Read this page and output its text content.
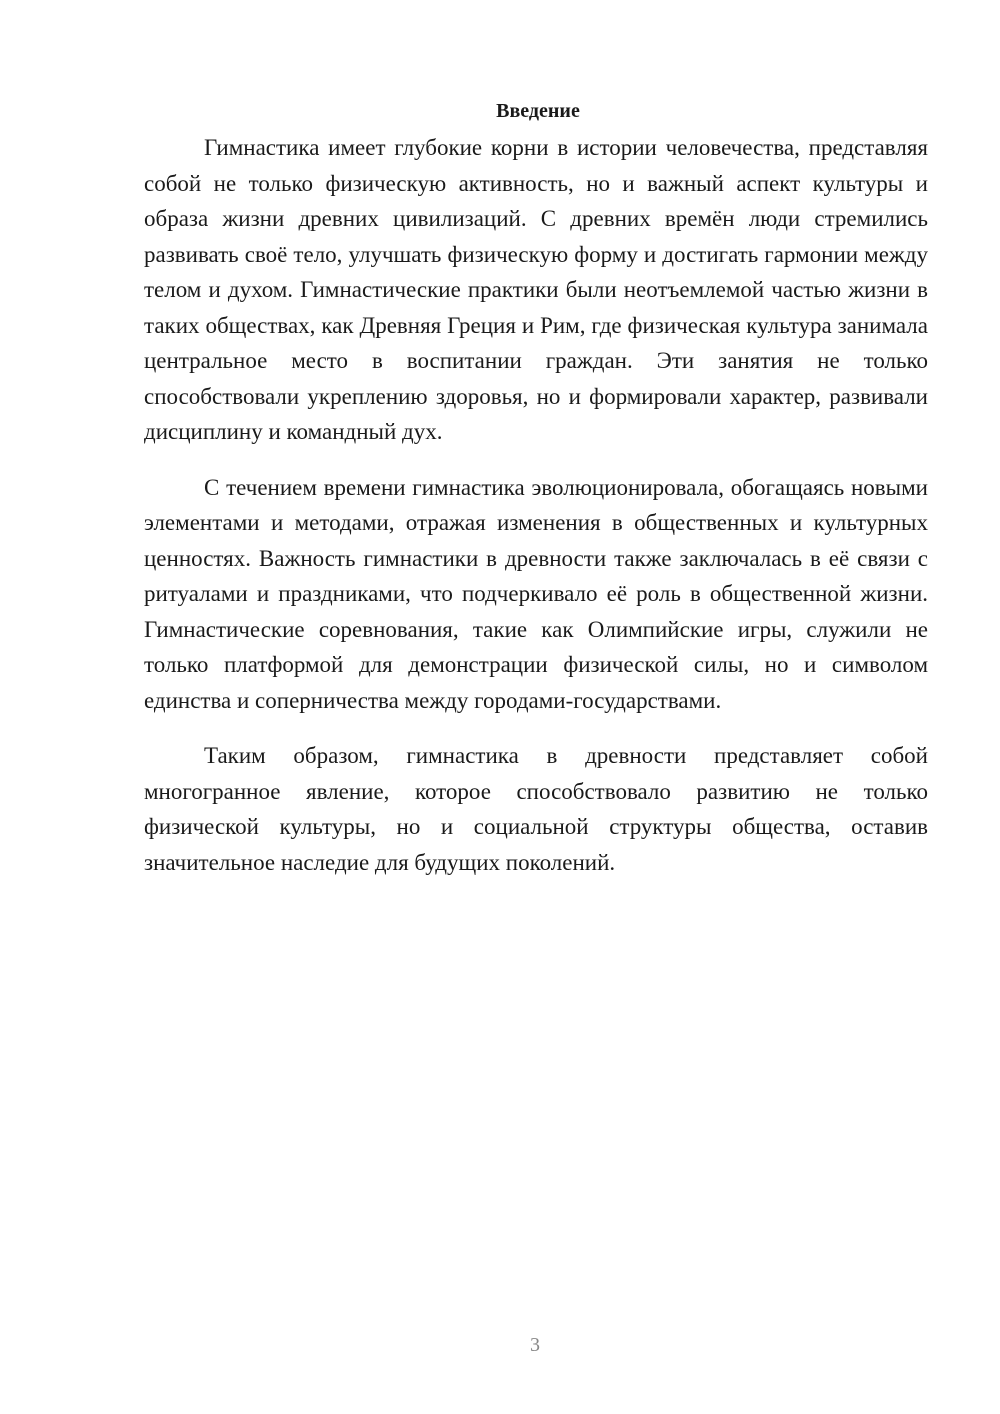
Введение

Гимнастика имеет глубокие корни в истории человечества, представляя собой не только физическую активность, но и важный аспект культуры и образа жизни древних цивилизаций. С древних времён люди стремились развивать своё тело, улучшать физическую форму и достигать гармонии между телом и духом. Гимнастические практики были неотъемлемой частью жизни в таких обществах, как Древняя Греция и Рим, где физическая культура занимала центральное место в воспитании граждан. Эти занятия не только способствовали укреплению здоровья, но и формировали характер, развивали дисциплину и командный дух.

С течением времени гимнастика эволюционировала, обогащаясь новыми элементами и методами, отражая изменения в общественных и культурных ценностях. Важность гимнастики в древности также заключалась в её связи с ритуалами и праздниками, что подчеркивало её роль в общественной жизни. Гимнастические соревнования, такие как Олимпийские игры, служили не только платформой для демонстрации физической силы, но и символом единства и соперничества между городами-государствами.

Таким образом, гимнастика в древности представляет собой многогранное явление, которое способствовало развитию не только физической культуры, но и социальной структуры общества, оставив значительное наследие для будущих поколений.

3
